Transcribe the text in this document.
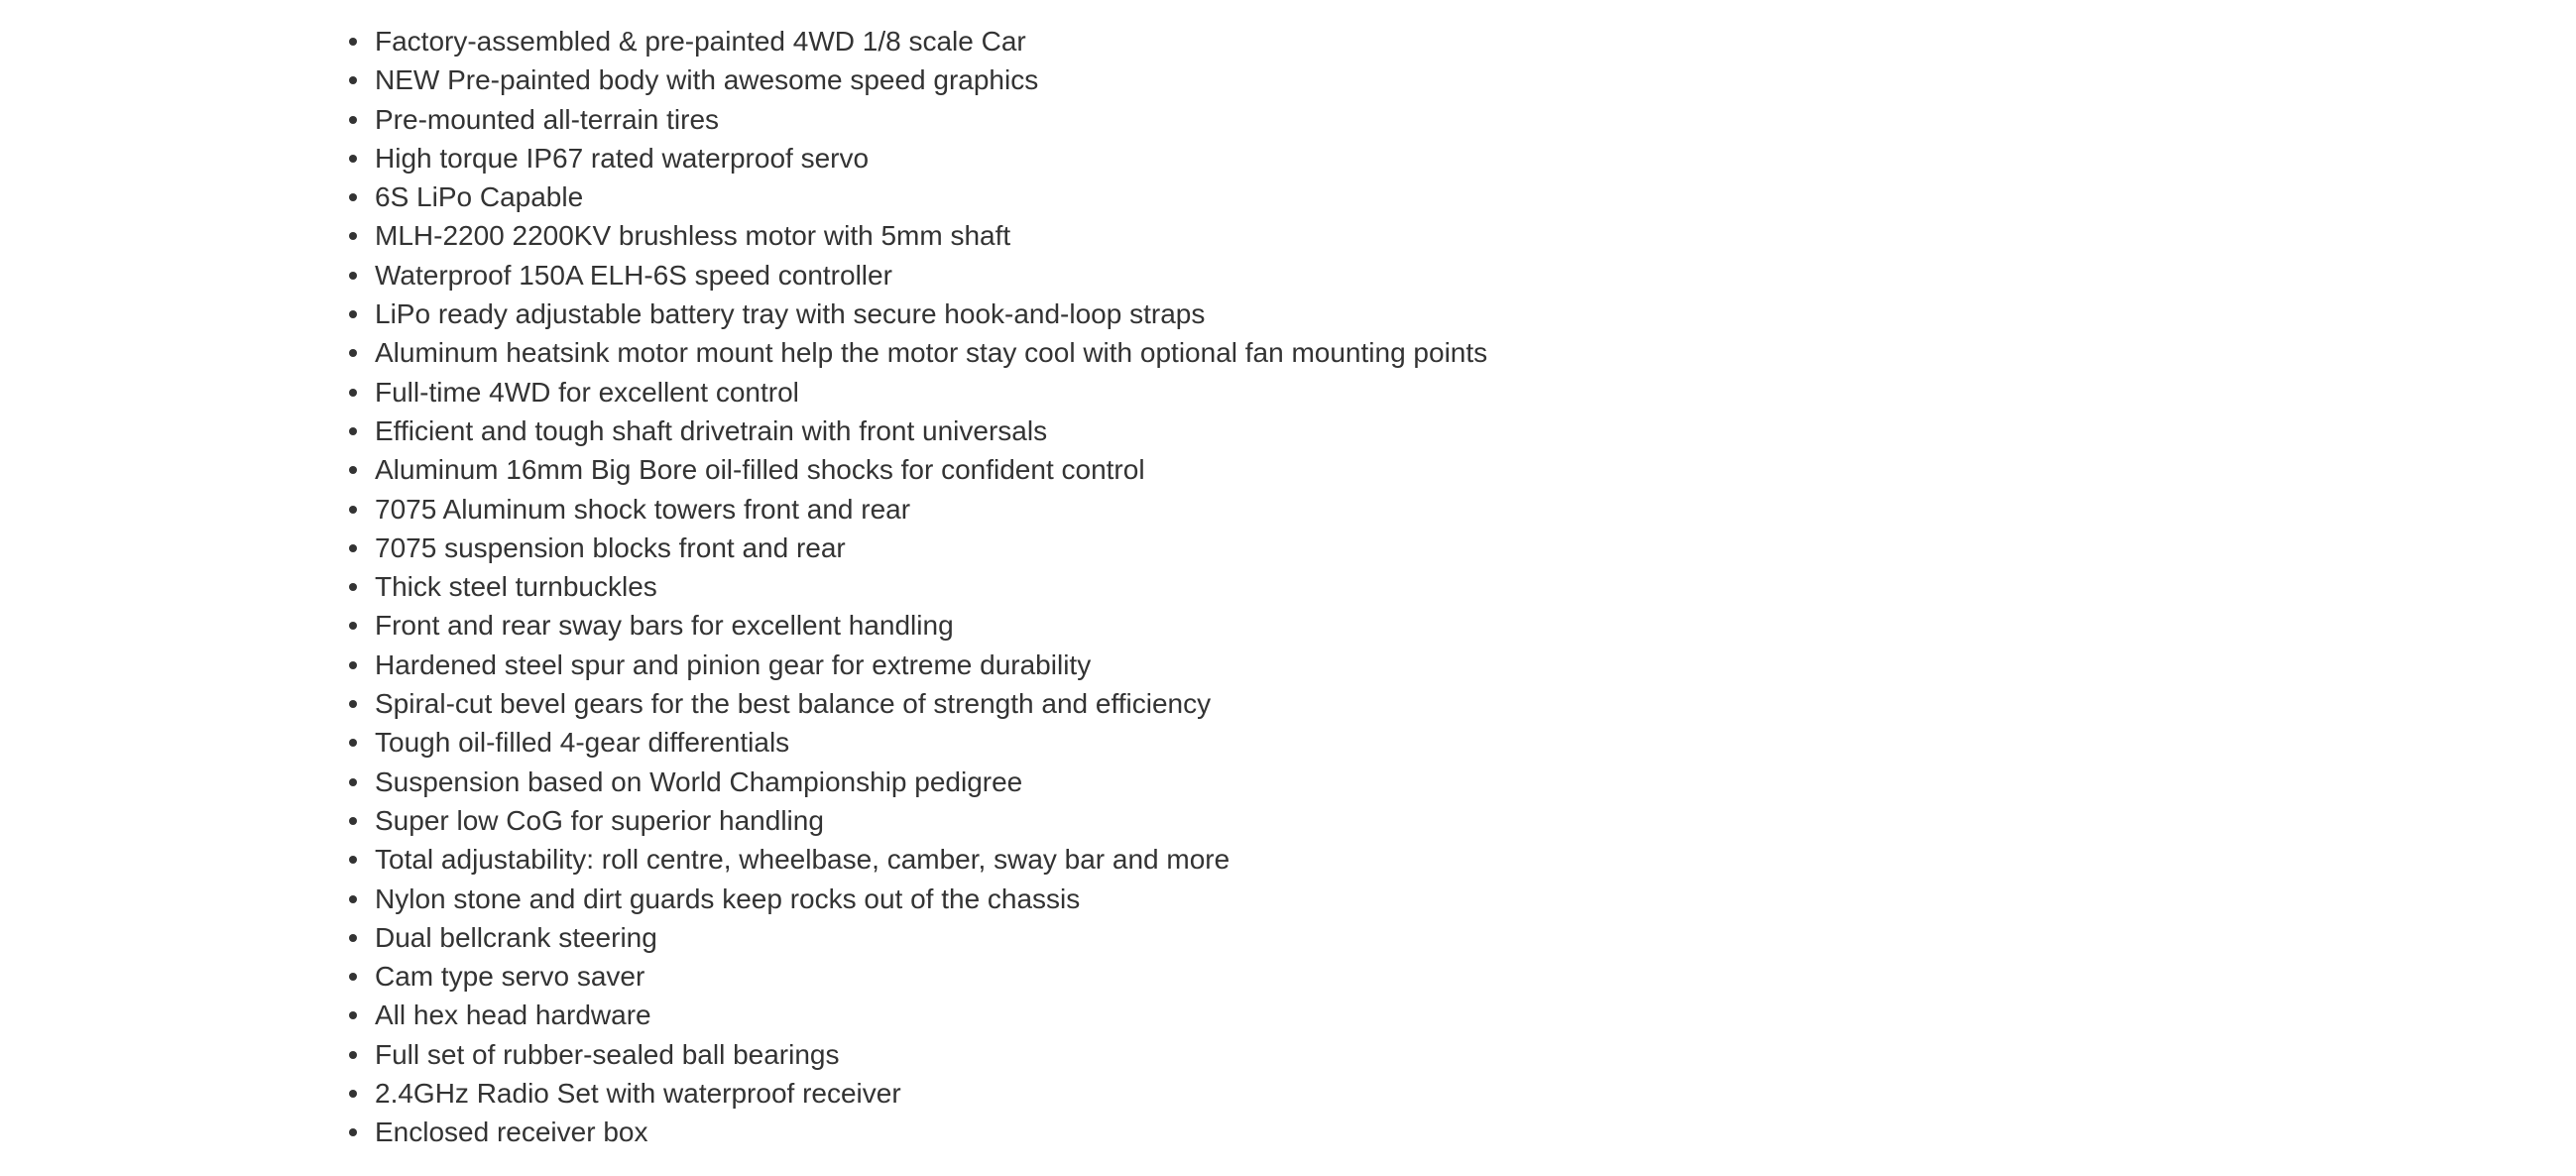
Factory-assembled & pre-painted 4WD 1/8 scale Car
NEW Pre-painted body with awesome speed graphics
Pre-mounted all-terrain tires
High torque IP67 rated waterproof servo
6S LiPo Capable
MLH-2200 2200KV brushless motor with 5mm shaft
Waterproof 150A ELH-6S speed controller
LiPo ready adjustable battery tray with secure hook-and-loop straps
Aluminum heatsink motor mount help the motor stay cool with optional fan mounting points
Full-time 4WD for excellent control
Efficient and tough shaft drivetrain with front universals
Aluminum 16mm Big Bore oil-filled shocks for confident control
7075 Aluminum shock towers front and rear
7075 suspension blocks front and rear
Thick steel turnbuckles
Front and rear sway bars for excellent handling
Hardened steel spur and pinion gear for extreme durability
Spiral-cut bevel gears for the best balance of strength and efficiency
Tough oil-filled 4-gear differentials
Suspension based on World Championship pedigree
Super low CoG for superior handling
Total adjustability: roll centre, wheelbase, camber, sway bar and more
Nylon stone and dirt guards keep rocks out of the chassis
Dual bellcrank steering
Cam type servo saver
All hex head hardware
Full set of rubber-sealed ball bearings
2.4GHz Radio Set with waterproof receiver
Enclosed receiver box
